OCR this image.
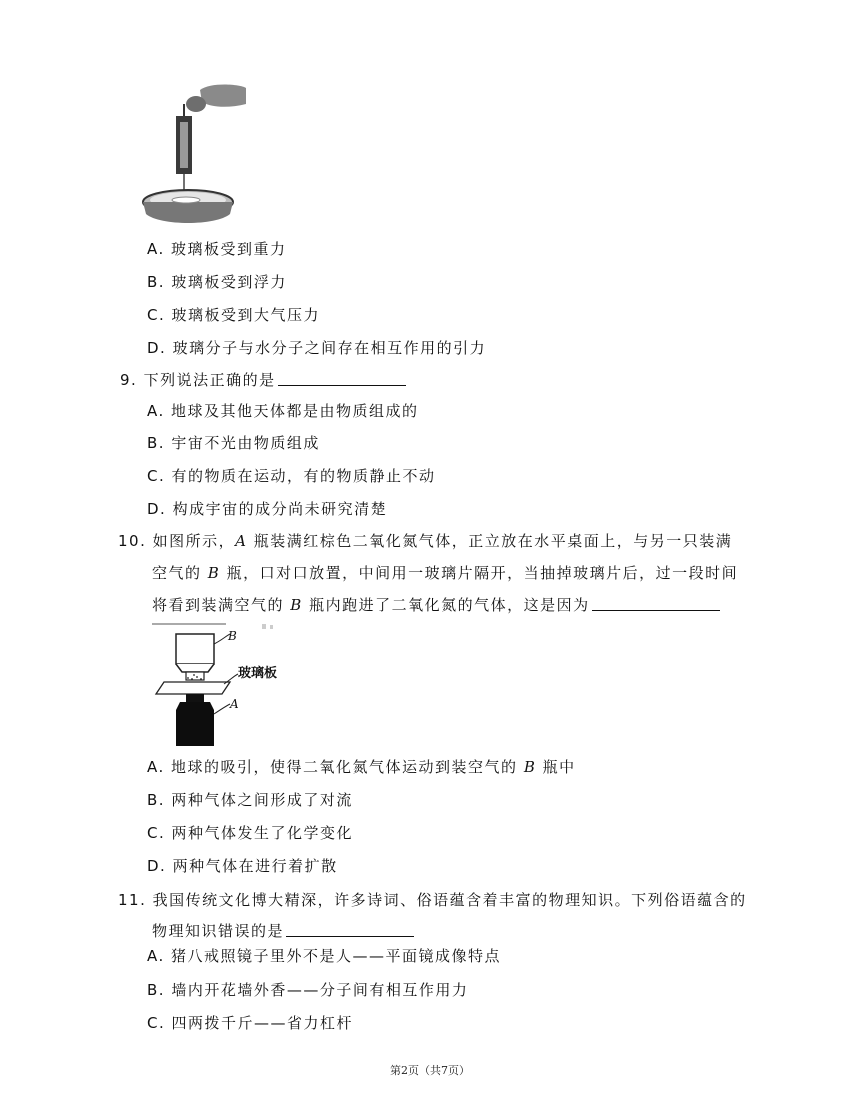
A. 玻璃板受到重力
B. 玻璃板受到浮力
C. 玻璃板受到大气压力
D. 玻璃分子与水分子之间存在相互作用的引力
9. 下列说法正确的是
A. 地球及其他天体都是由物质组成的
B. 宇宙不光由物质组成
C. 有的物质在运动，有的物质静止不动
D. 构成宇宙的成分尚未研究清楚
10. 如图所示，A 瓶装满红棕色二氧化氮气体，正立放在水平桌面上，与另一只装满
空气的 B 瓶，口对口放置，中间用一玻璃片隔开，当抽掉玻璃片后，过一段时间
将看到装满空气的 B 瓶内跑进了二氧化氮的气体，这是因为
B
玻璃板
A
A. 地球的吸引，使得二氧化氮气体运动到装空气的 B 瓶中
B. 两种气体之间形成了对流
C. 两种气体发生了化学变化
D. 两种气体在进行着扩散
11. 我国传统文化博大精深，许多诗词、俗语蕴含着丰富的物理知识。下列俗语蕴含的
物理知识错误的是
A. 猪八戒照镜子里外不是人——平面镜成像特点
B. 墙内开花墙外香——分子间有相互作用力
C. 四两拨千斤——省力杠杆
第2页（共7页）
